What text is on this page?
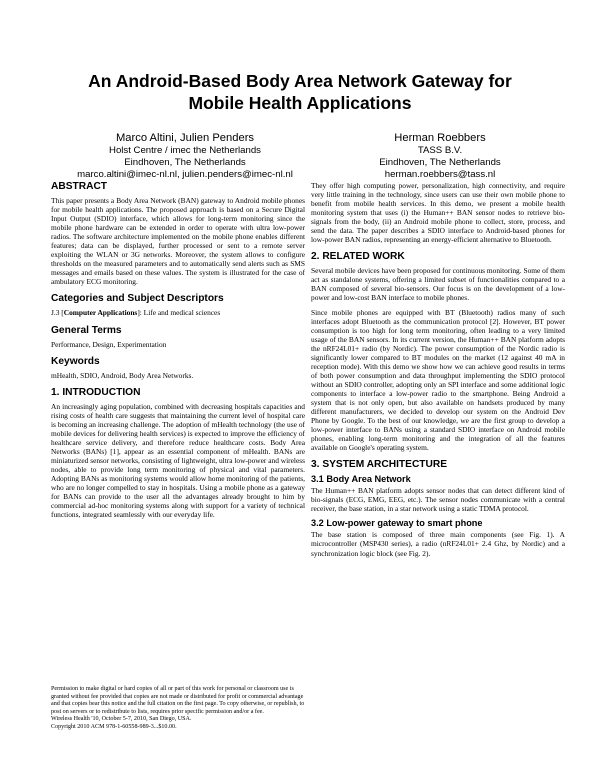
An Android-Based Body Area Network Gateway for
Mobile Health Applications
Marco Altini, Julien Penders
Holst Centre / imec the Netherlands
Eindhoven, The Netherlands
marco.altini@imec-nl.nl, julien.penders@imec-nl.nl
Herman Roebbers
TASS B.V.
Eindhoven, The Netherlands
herman.roebbers@tass.nl
ABSTRACT

This paper presents a Body Area Network (BAN) gateway to Android mobile phones for mobile health applications. The proposed approach is based on a Secure Digital Input Output (SDIO) interface, which allows for long-term monitoring since the mobile phone hardware can be extended in order to operate with ultra low-power radios. The software architecture implemented on the mobile phone enables different features; data can be displayed, further processed or sent to a remote server exploiting the WLAN or 3G networks. Moreover, the system allows to configure thresholds on the measured parameters and to automatically send alerts such as SMS messages and emails based on these values. The system is illustrated for the case of ambulatory ECG monitoring.

Categories and Subject Descriptors

J.3 [Computer Applications]: Life and medical sciences

General Terms

Performance, Design, Experimentation

Keywords

mHealth, SDIO, Android, Body Area Networks.

1. INTRODUCTION

An increasingly aging population, combined with decreasing hospitals capacities and rising costs of health care suggests that maintaining the current level of hospital care is becoming an increasing challenge. The adoption of mHealth technology (the use of mobile devices for delivering health services) is expected to improve the efficiency of healthcare service delivery, and therefore reduce healthcare costs. Body Area Networks (BANs) [1], appear as an essential component of mHealth. BANs are miniaturized sensor networks, consisting of lightweight, ultra low-power and wireless nodes, able to provide long term monitoring of physical and vital parameters. Adopting BANs as monitoring systems would allow home monitoring of the patients, who are no longer compelled to stay in hospitals. Using a mobile phone as a gateway for BANs can provide to the user all the advantages already brought to him by commercial ad-hoc monitoring systems along with support for a variety of technical functions, integrated seamlessly with our everyday life.

Permission to make digital or hard copies of all or part of this work for personal or classroom use is granted without fee provided that copies are not made or distributed for profit or commercial advantage and that copies bear this notice and the full citation on the first page. To copy otherwise, or republish, to post on servers or to redistribute to lists, requires prior specific permission and/or a fee.

Wireless Health '10, October 5-7, 2010, San Diego, USA.

Copyright 2010 ACM 978-1-60558-989-3...$10.00.

They offer high computing power, personalization, high connectivity, and require very little training in the technology, since users can use their own mobile phone to benefit from mobile health services. In this demo, we present a mobile health monitoring system that uses (i) the Human++ BAN sensor nodes to retrieve bio-signals from the body, (ii) an Android mobile phone to collect, store, process, and send the data. The paper describes a SDIO interface to Android-based phones for low-power BAN radios, representing an energy-efficient alternative to Bluetooth.

2. RELATED WORK

Several mobile devices have been proposed for continuous monitoring. Some of them act as standalone systems, offering a limited subset of functionalities compared to a BAN composed of several bio-sensors. Our focus is on the development of a low-power and low-cost BAN interface to mobile phones.

Since mobile phones are equipped with BT (Bluetooth) radios many of such interfaces adopt Bluetooth as the communication protocol [2]. However, BT power consumption is too high for long term monitoring, often leading to a very limited usage of the BAN sensors. In its current version, the Human++ BAN platform adopts the nRF24L01+ radio (by Nordic). The power consumption of the Nordic radio is significantly lower compared to BT modules on the market (12 against 40 mA in reception mode). With this demo we show how we can achieve good results in terms of both power consumption and data throughput implementing the SDIO protocol without an SDIO controller, adopting only an SPI interface and some additional logic components to interface a low-power radio to the smartphone. Being Android a system that is not only open, but also available on handsets produced by many different manufacturers, we decided to develop our system on the Android Dev Phone by Google. To the best of our knowledge, we are the first group to develop a low-power interface to BANs using a standard SDIO interface on Android mobile phones, enabling long-term monitoring and the integration of all the features available on Google's operating system.

3. SYSTEM ARCHITECTURE
3.1 Body Area Network

The Human++ BAN platform adopts sensor nodes that can detect different kind of bio-signals (ECG, EMG, EEG, etc.). The sensor nodes communicate with a central receiver, the base station, in a star network using a static TDMA protocol.

3.2 Low-power gateway to smart phone

The base station is composed of three main components (see Fig. 1). A microcontroller (MSP430 series), a radio (nRF24L01+ 2.4 Ghz, by Nordic) and a synchronization logic block (see Fig. 2).
